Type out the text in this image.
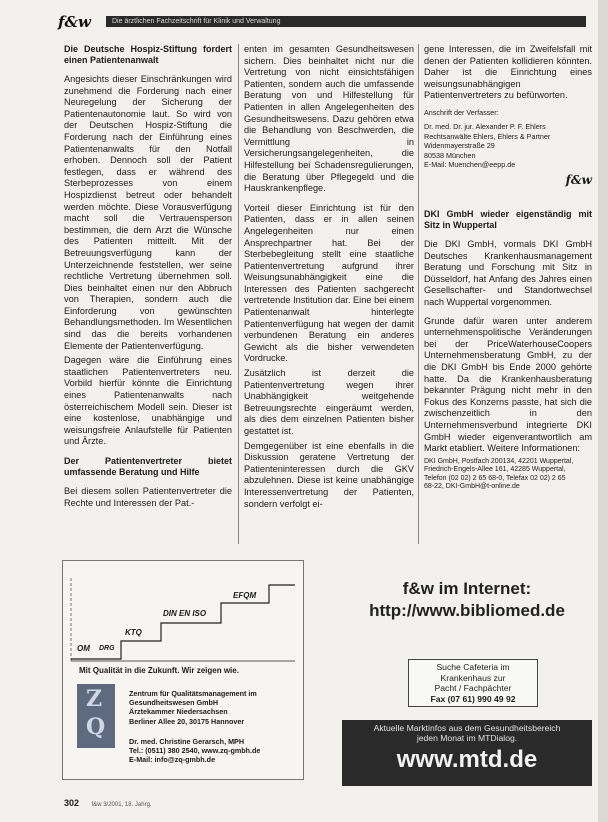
f&w	Die ärztlichen Fachzeitschrift für Klinik und Verwaltung
Die Deutsche Hospiz-Stiftung fordert einen Patientenanwalt

Angesichts dieser Einschränkungen wird zunehmend die Forderung nach einer Neuregelung der Sicherung der Patientenautonomie laut. So wird von der Deutschen Hospiz-Stiftung die Forderung nach der Einführung eines Patientenanwalts für den Notfall erhoben. Dennoch soll der Patient festlegen, dass er während des Sterbeprozesses von einem Hospizdienst betreut oder behandelt werden möchte. Diese Vorausverfügung macht soll die Vertrauensperson bestimmen, die dem Arzt die Wünsche des Patienten mitteilt. Mit der Betreuungsverfügung kann der Unterzeichnende feststellen, wer seine rechtliche Vertretung übernehmen soll. Dies beinhaltet einen nur den Abbruch von Therapien, sondern auch die Einforderung von gewünschten Behandlungsmethoden. Im Wesentlichen sind das die bereits vorhandenen Elemente der Patientenverfügung.

Dagegen wäre die Einführung eines staatlichen Patientenvertreters neu. Vorbild hierfür könnte die Einrichtung eines Patientenanwalts nach österreichischem Modell sein. Dieser ist eine kostenlose, unabhängige und weisungsfreie Anlaufstelle für Patienten und Ärzte.

Der Patientenvertreter bietet umfassende Beratung und Hilfe

Bei diesem sollen Patientenvertreter die Rechte und Interessen der Pat.-

enten im gesamten Gesundheitswesen sichern. Dies beinhaltet nicht nur die Vertretung von nicht einsichtsfähigen Patienten, sondern auch die umfassende Beratung von und Hilfestellung für Patienten in allen Angelegenheiten des Gesundheitswesens. Dazu gehören etwa die Behandlung von Beschwerden, die Vermittlung in Versicherungsangelegenheiten, die Hilfestellung bei Schadensregulierungen, die Beratung über Pflegegeld und die Hauskrankenpflege.

Vorteil dieser Einrichtung ist für den Patienten, dass er in allen seinen Angelegenheiten nur einen Ansprechpartner hat. Bei der Sterbebegleitung stellt eine staatliche Patientenvertretung aufgrund ihrer Weisungsunabhängigkeit eine die Interessen des Patienten sachgerecht vertretende Institution dar. Eine bei einem Patientenanwalt hinterlegte Patientenverfügung hat wegen der damit verbundenen Beratung ein anderes Gewicht als die bisher verwendeten Vordrucke.

Zusätzlich ist derzeit die Patientenvertretung wegen ihrer Unabhängigkeit weitgehende Betreuungsrechte eingeräumt werden, als dies dem einzelnen Patienten bisher gestattet ist.

Demgegenüber ist eine ebenfalls in die Diskussion geratene Vertretung der Patienteninteressen durch die GKV abzulehnen. Diese ist keine unabhängige Interessenvertretung der Patienten, sondern verfolgt ei-

gene Interessen, die im Zweifelsfall mit denen der Patienten kollidieren könnten. Daher ist die Einrichtung eines weisungsunabhängigen Patientenvertreters zu befürworten.

Anschrift der Verfasser:
Dr. med. Dr. jur. Alexander P. F. Ehlers
Rechtsanwälte Ehlers, Ehlers & Partner
Widenmayerstraße 29
80538 München
E-Mail: Muenchen@eepp.de
f&w
DKI GmbH wieder eigenständig mit Sitz in Wuppertal

Die DKI GmbH, vormals DKI GmbH Deutsches Krankenhausmanagement Beratung und Forschung mit Sitz in Düsseldorf, hat Anfang des Jahres einen Gesellschafter- und Standortwechsel nach Wuppertal vorgenommen.

Grunde dafür waren unter anderem unternehmenspolitische Veränderungen bei der PriceWaterhouseCoopers Unternehmensberatung GmbH, zu der die DKI GmbH bis Ende 2000 gehörte hatte. Da die Krankenhausberatung bekannter Prägung nicht mehr in den Fokus des Konzerns passte, hat sich die zwischenzeitlich in den Unternehmensverbund integrierte DKI GmbH wieder eigenverantwortlich am Markt etabliert. Weitere Informationen:

DKI GmbH, Postfach 200134, 42201 Wuppertal,
Friedrich-Engels-Allee 161, 42285 Wuppertal,
Telefon (02 02) 2 65 68-0, Telefax 02 02) 2 65
68-22, DKI-GmbH@t-online.de
OM DRG
KTQ
DIN EN ISO
EFQM
Mit Qualität in die Zukunft. Wir zeigen wie.
Z
Q
Zentrum für Qualitätsmanagement im
Gesundheitswesen GmbH
Ärztekammer Niedersachsen
Berliner Allee 20, 30175 Hannover
Dr. med. Christine Gerarsch, MPH
Tel.: (0511) 380 2540, www.zq-gmbh.de
E-Mail: info@zq-gmbh.de
f&w im Internet:
http://www.bibliomed.de
Suche Cafeteria im
Krankenhaus zur
Pacht / Fachpächter
Fax (07 61) 990 49 92
Aktuelle Marktinfos aus dem Gesundheitsbereich
jeden Monat im MTDialog.
www.mtd.de
302 f&w 3/2001, 18. Jahrg.
